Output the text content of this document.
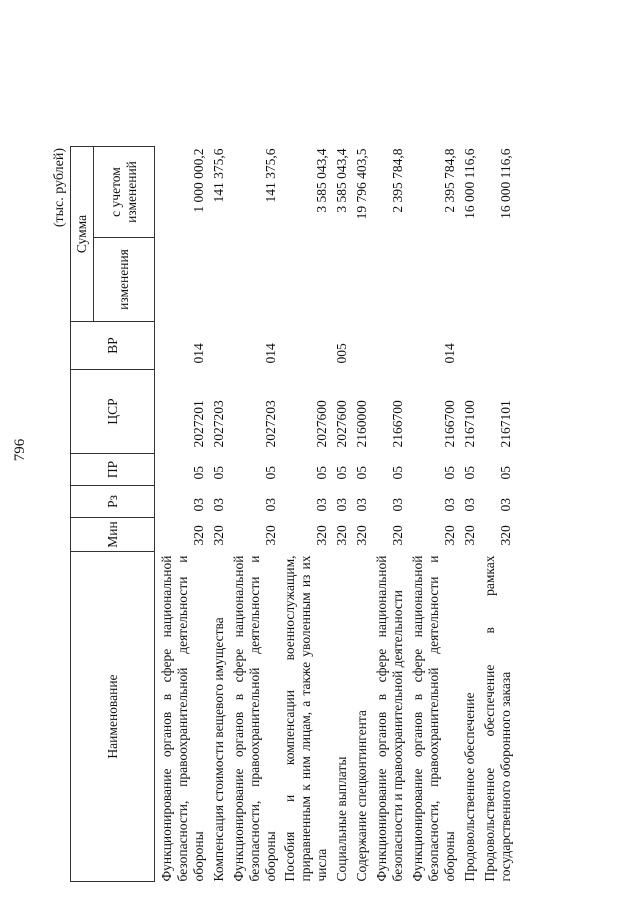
796
(тыс. рублей)
Наименование	Мин	Рз	ПР	ЦСР	ВР	Сумма	
						изменения	с учетом изменений
Функционирование органов в сфере национальной безопасности, правоохранительной деятельности и обороны	320	03	05	2027201	014		1 000 000,2
Компенсация стоимости вещевого имущества	320	03	05	2027203			141 375,6
Функционирование органов в сфере национальной безопасности, правоохранительной деятельности и обороны	320	03	05	2027203	014		141 375,6
Пособия и компенсации военнослужащим, приравненным к ним лицам, а также уволенным из их числа	320	03	05	2027600			3 585 043,4
Социальные выплаты	320	03	05	2027600	005		3 585 043,4
Содержание спецконтингента	320	03	05	2160000			19 796 403,5
Функционирование органов в сфере национальной безопасности и правоохранительной деятельности	320	03	05	2166700			2 395 784,8
Функционирование органов в сфере национальной безопасности, правоохранительной деятельности и обороны	320	03	05	2166700	014		2 395 784,8
Продовольственное обеспечение	320	03	05	2167100			16 000 116,6
Продовольственное обеспечение в рамках государственного оборонного заказа	320	03	05	2167101			16 000 116,6
